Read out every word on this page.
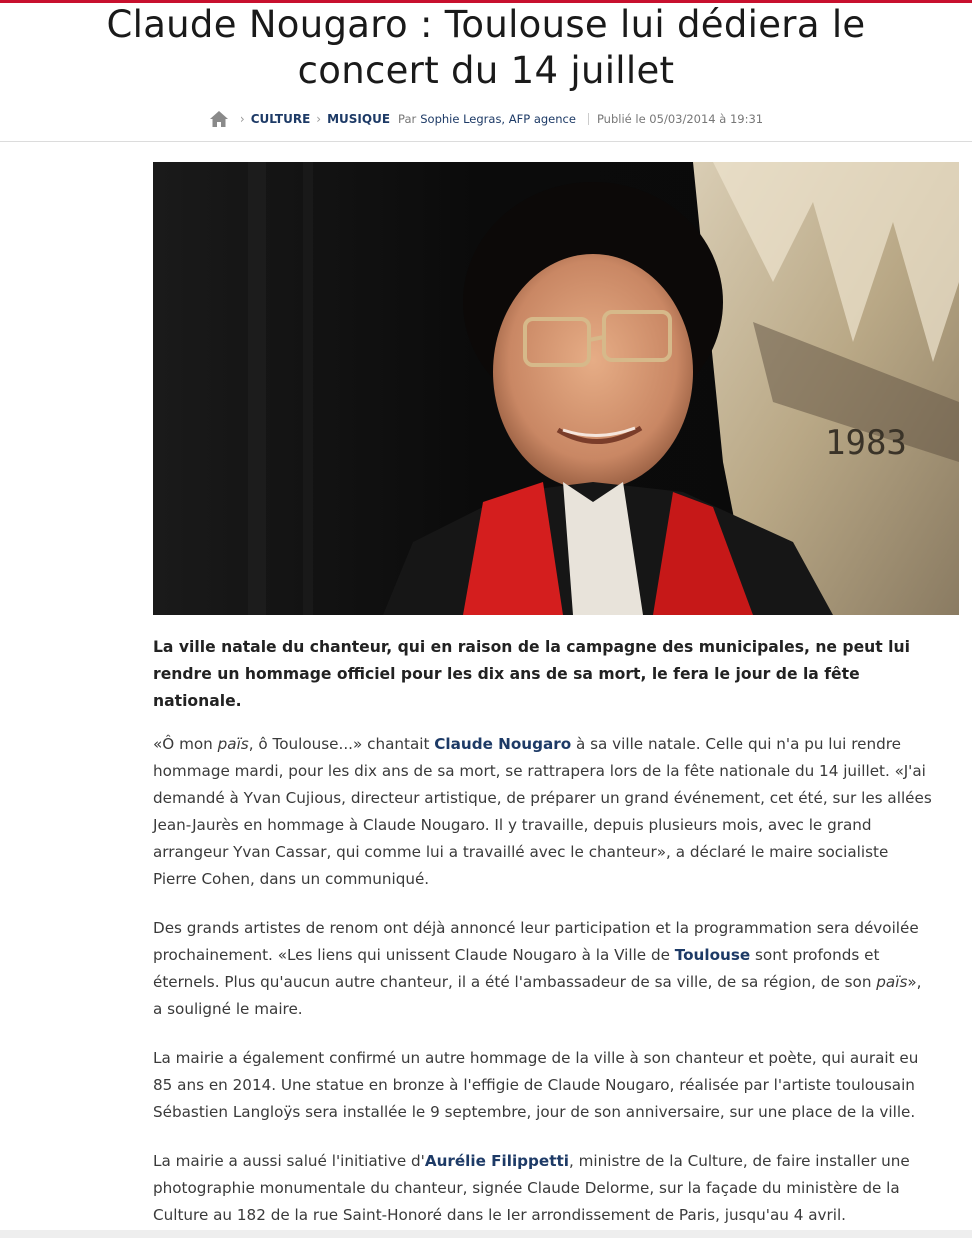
Claude Nougaro : Toulouse lui dédiera le concert du 14 juillet
› CULTURE › MUSIQUE Par Sophie Legras, AFP agence Publié le 05/03/2014 à 19:31
1983

La ville natale du chanteur, qui en raison de la campagne des municipales, ne peut lui rendre un hommage officiel pour les dix ans de sa mort, le fera le jour de la fête nationale.

«Ô mon païs, ô Toulouse...» chantait Claude Nougaro à sa ville natale. Celle qui n'a pu lui rendre hommage mardi, pour les dix ans de sa mort, se rattrapera lors de la fête nationale du 14 juillet. «J'ai demandé à Yvan Cujious, directeur artistique, de préparer un grand événement, cet été, sur les allées Jean-Jaurès en hommage à Claude Nougaro. Il y travaille, depuis plusieurs mois, avec le grand arrangeur Yvan Cassar, qui comme lui a travaillé avec le chanteur», a déclaré le maire socialiste Pierre Cohen, dans un communiqué.

Des grands artistes de renom ont déjà annoncé leur participation et la programmation sera dévoilée prochainement. «Les liens qui unissent Claude Nougaro à la Ville de Toulouse sont profonds et éternels. Plus qu'aucun autre chanteur, il a été l'ambassadeur de sa ville, de sa région, de son païs», a souligné le maire.

La mairie a également confirmé un autre hommage de la ville à son chanteur et poète, qui aurait eu 85 ans en 2014. Une statue en bronze à l'effigie de Claude Nougaro, réalisée par l'artiste toulousain Sébastien Langloÿs sera installée le 9 septembre, jour de son anniversaire, sur une place de la ville.

La mairie a aussi salué l'initiative d'Aurélie Filippetti, ministre de la Culture, de faire installer une photographie monumentale du chanteur, signée Claude Delorme, sur la façade du ministère de la Culture au 182 de la rue Saint-Honoré dans le Ier arrondissement de Paris, jusqu'au 4 avril.
